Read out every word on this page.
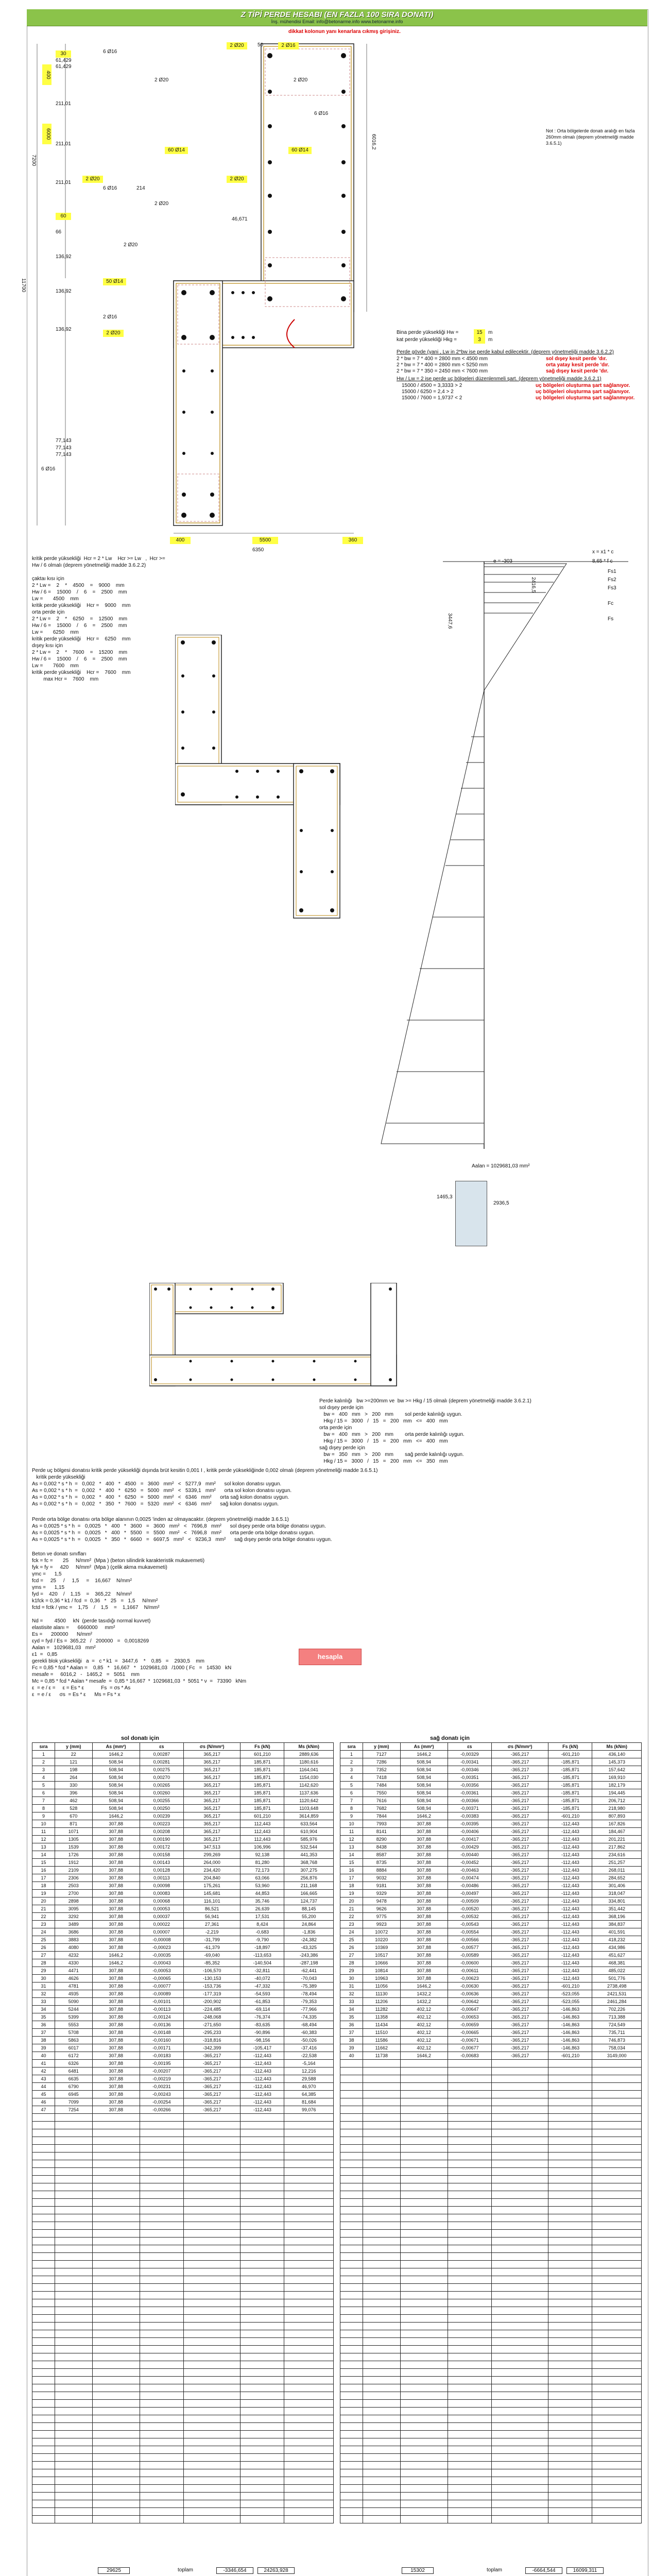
Z TİPİ PERDE HESABI (EN FAZLA 100 SIRA DONATI)
İnş. mühendisi Email: info@betonarme.info www.betonarme.info
dikkat kolonun yanı kenarlara cıkmış girişiniz.
30
61,429
61,429
211,01
211,01
211,01
60
66
136,92
136,92
136,92
77,143
77,143
77,143
400
7200
6000
11700
6016,2
2 Ø20	50	2 Ø16
6 Ø16
2 Ø20	2 Ø20
2 Ø20
60 Ø14	60 Ø14
6 Ø16
2 Ø20	2 Ø20
214
6 Ø16
46,671
2 Ø20
50 Ø14
2 Ø16
2 Ø20
6 Ø16
400	5500	360
6350
Not : Orta bölgelerde donatı aralığı en fazla 260mm olmalı (deprem yönetmeliği madde 3.6.5.1)
Bina perde yüksekliği Hw =	15	m
kat perde yüksekliği Hkg =	3	m
Perde gövde (yani , Lw in 2*bw ise perde kabul edilecektir. (deprem yönetmeliği madde 3.6.2.2)
2 * bw = 7 * 400 = 2800 mm < 4500 mm	sol dışey kesit perde 'dır.
2 * bw = 7 * 400 = 2800 mm < 5250 mm	orta yatay kesit perde 'dır.
2 * bw = 7 * 350 = 2450 mm < 7600 mm	sağ dışey kesit perde 'dır.
Hw / Lw = 2 ise perde uç bölgeleri düzenlenmeli şart. (deprem yönetmeliği madde 3.6.2.1)
15000 / 4500 = 3,3333 > 2	uç bölgeleri oluşturma şart sağlanıyor.
15000 / 6250 = 2,4 > 2	uç bölgeleri oluşturma şart sağlanıyor.
15000 / 7600 = 1,9737 < 2	uç bölgeleri oluşturma şart sağlanmıyor.
kritik perde yüksekliği  Hcr = 2 * Lw    Hcr >= Lw   ,  Hcr >=
Hw / 6 olmalı (deprem yönetmeliği madde 3.6.2.2)

çaktaı kısı için
2 * Lw =    2    *    4500    =    9000    mm
Hw / 6 =    15000    /    6    =    2500    mm
Lw =       4500    mm
kritik perde yüksekliği    Hcr =    9000    mm
orta perde için
2 * Lw =    2    *    6250    =    12500    mm
Hw / 6 =    15000    /    6    =    2500    mm
Lw =       6250    mm
kritik perde yüksekliği    Hcr =    6250    mm
dışey kısı için
2 * Lw =    2    *    7600    =    15200    mm
Hw / 6 =    15000    /    6    =    2500    mm
Lw =       7600    mm
kritik perde yüksekliği    Hcr =    7600    mm
max Hcr =    7600    mm
e = -303
x = x1 * c
8,65 * f c
3447,6
2416,5
Fs1
Fs2
Fs3
Fc
Fs
Aalan = 1029681,03 mm²
1465,3
2936,5
Perde kalınlığı   bw >=200mm ve  bw >= Hkg / 15 olmalı (deprem yönetmeliği madde 3.6.2.1)
sol dışey perde için
bw =   400   mm   >   200   mm        sol perde kalınlığı uygun.
Hkg / 15 =   3000   /   15   =   200   mm   <=   400   mm
orta perde için
bw =   400   mm   >   200   mm        orta perde kalınlığı uygun.
Hkg / 15 =   3000   /   15   =   200   mm   <=   400   mm
sağ dışey perde için
bw =   350   mm   >   200   mm        sağ perde kalınlığı uygun.
Hkg / 15 =   3000   /   15   =   200   mm   <=   350   mm
Perde uç bölgesi donatısı kritik perde yüksekliği dışında brüt kesitin 0,001 I , kritik perde yüksekliğinde 0,002 olmalı (deprem yönetmeliği madde 3.6.5.1)
kritik perde yüksekliği
As = 0,002 * s * h  =   0,002   *   400   *   4500   =   3600   mm²   <   5277,9   mm²      sol kolon donatısı uygun.
As = 0,002 * s * h  =   0,002   *   400   *   6250   =   5000   mm²   <   5339,1   mm²      orta sol kolon donatısı uygun.
As = 0,002 * s * h  =   0,002   *   400   *   6250   =   5000   mm²   <   6346   mm²      orta sağ kolon donatısı uygun.
As = 0,002 * s * h  =   0,002   *   350   *   7600   =   5320   mm²   <   6346   mm²      sağ kolon donatısı uygun.
Perde orta bölge donatısı orta bölge alanının 0,0025 'inden az olmayacaktır. (deprem yönetmeliği madde 3.6.5.1)
As = 0,0025 * s * h  =   0,0025   *   400   *   3600   =   3600   mm²   <   7696,8   mm²      sol dışey perde orta bölge donatısı uygun.
As = 0,0025 * s * h  =   0,0025   *   400   *   5500   =   5500   mm²   <   7696,8   mm²      orta perde orta bölge donatısı uygun.
As = 0,0025 * s * h  =   0,0025   *   350   *   6660   =   6697,5   mm²   <   9236,3   mm²      sağ dışey perde orta bölge donatısı uygun.
Beton ve donatı sınıfları
fck = fc =       25     N/mm²  (Mpa ) (beton silindirik karakteristik mukavemeti)
fyk = fy =     420     N/mm²  (Mpa ) (çelik akma mukavemeti)
γmc =      1,5
fcd =     25     /     1,5     =    16,667    N/mm²
γms =      1,15
fyd =    420    /    1,15    =    365,22    N/mm²
k1fck = 0,36 * k1 / fcd  =  0,36   *   25   =   1,5     N/mm²
fctd = fctk / γmc =    1,75    /    1,5    =    1,1667    N/mm²

Nd =        4500     kN  (perde tasıdığı normal kuvvet)
elastisite alanı =      6660000     mm²
Es =      200000      N/mm²
εyd = fyd / Es =  365,22   /   200000   =   0,0018269
Aalan =   1029681,03   mm²
ε1  =   0,85
gerekli blok yüksekliği   a  =   c * k1  =   3447,6    *    0,85   =    2930,5    mm
Fc = 0,85 * fcd * Aalan =    0,85   *   16,667   *   1029681,03   /1000 ( Fc   =   14530   kN
mesafe =     6016,2   -   1465,2   =   5051    mm
Mc = 0,85 * fcd * Aalan * mesafe  =  0,85 * 16,667  *  1029681,03  *  5051 * ν  =   73390   kNm
ε  = e / ε =     ε = Es * ε            Fs  = σs * As
ε  = e / ε      σs  = Es * ε      Ms = Fs * x
hesapla
sol donatı için
sıra	y (mm)	As (mm²)	εs	σs (N/mm²)	Fs (kN)	Ms (kNm)
1	22	1646,2	0,00287	365,217	601,210	2889,636
2	121	508,94	0,00281	365,217	185,871	1180,616
3	198	508,94	0,00275	365,217	185,871	1164,041
4	264	508,94	0,00270	365,217	185,871	1154,030
5	330	508,94	0,00265	365,217	185,871	1142,620
6	396	508,94	0,00260	365,217	185,871	1137,636
7	462	508,94	0,00255	365,217	185,871	1120,642
8	528	508,94	0,00250	365,217	185,871	1103,648
9	670	1646,2	0,00239	365,217	601,210	3614,859
10	871	307,88	0,00223	365,217	112,443	633,564
11	1071	307,88	0,00208	365,217	112,443	610,904
12	1305	307,88	0,00190	365,217	112,443	585,976
13	1539	307,88	0,00172	347,513	106,996	532,544
14	1726	307,88	0,00158	299,269	92,138	441,353
15	1912	307,88	0,00143	264,000	81,280	368,768
16	2109	307,88	0,00128	234,420	72,173	307,275
17	2306	307,88	0,00113	204,840	63,066	256,876
18	2503	307,88	0,00098	175,261	53,960	211,168
19	2700	307,88	0,00083	145,681	44,853	166,665
20	2898	307,88	0,00068	116,101	35,746	124,737
21	3095	307,88	0,00053	86,521	26,639	88,145
22	3292	307,88	0,00037	56,941	17,531	55,200
23	3489	307,88	0,00022	27,361	8,424	24,864
24	3686	307,88	0,00007	-2,219	-0,683	-1,836
25	3883	307,88	-0,00008	-31,799	-9,790	-24,382
26	4080	307,88	-0,00023	-61,379	-18,897	-43,325
27	4232	1646,2	-0,00035	-69,040	-113,653	-243,386
28	4330	1646,2	-0,00043	-85,352	-140,504	-287,198
29	4471	307,88	-0,00053	-106,570	-32,811	-62,441
30	4626	307,88	-0,00065	-130,153	-40,072	-70,043
31	4781	307,88	-0,00077	-153,736	-47,332	-75,389
32	4935	307,88	-0,00089	-177,319	-54,593	-78,494
33	5090	307,88	-0,00101	-200,902	-61,853	-79,353
34	5244	307,88	-0,00113	-224,485	-69,114	-77,966
35	5399	307,88	-0,00124	-248,068	-76,374	-74,335
36	5553	307,88	-0,00136	-271,650	-83,635	-68,494
37	5708	307,88	-0,00148	-295,233	-90,896	-60,383
38	5863	307,88	-0,00160	-318,816	-98,156	-50,026
39	6017	307,88	-0,00171	-342,399	-105,417	-37,416
40	6172	307,88	-0,00183	-365,217	-112,443	-22,538
41	6326	307,88	-0,00195	-365,217	-112,443	-5,164
42	6481	307,88	-0,00207	-365,217	-112,443	12,216
43	6635	307,88	-0,00219	-365,217	-112,443	29,588
44	6790	307,88	-0,00231	-365,217	-112,443	46,970
45	6945	307,88	-0,00243	-365,217	-112,443	64,385
46	7099	307,88	-0,00254	-365,217	-112,443	81,684
47	7254	307,88	-0,00266	-365,217	-112,443	99,076

sağ donatı için
sıra	y (mm)	As (mm²)	εs	σs (N/mm²)	Fs (kN)	Ms (kNm)
1	7127	1646,2	-0,00329	-365,217	-601,210	436,140
2	7286	508,94	-0,00341	-365,217	-185,871	145,373
3	7352	508,94	-0,00346	-365,217	-185,871	157,642
4	7418	508,94	-0,00351	-365,217	-185,871	169,910
5	7484	508,94	-0,00356	-365,217	-185,871	182,179
6	7550	508,94	-0,00361	-365,217	-185,871	194,445
7	7616	508,94	-0,00366	-365,217	-185,871	206,712
8	7682	508,94	-0,00371	-365,217	-185,871	218,980
9	7844	1646,2	-0,00383	-365,217	-601,210	807,893
10	7993	307,88	-0,00395	-365,217	-112,443	167,826
11	8141	307,88	-0,00406	-365,217	-112,443	184,467
12	8290	307,88	-0,00417	-365,217	-112,443	201,221
13	8438	307,88	-0,00429	-365,217	-112,443	217,862
14	8587	307,88	-0,00440	-365,217	-112,443	234,616
15	8735	307,88	-0,00452	-365,217	-112,443	251,257
16	8884	307,88	-0,00463	-365,217	-112,443	268,011
17	9032	307,88	-0,00474	-365,217	-112,443	284,652
18	9181	307,88	-0,00486	-365,217	-112,443	301,406
19	9329	307,88	-0,00497	-365,217	-112,443	318,047
20	9478	307,88	-0,00509	-365,217	-112,443	334,801
21	9626	307,88	-0,00520	-365,217	-112,443	351,442
22	9775	307,88	-0,00532	-365,217	-112,443	368,196
23	9923	307,88	-0,00543	-365,217	-112,443	384,837
24	10072	307,88	-0,00554	-365,217	-112,443	401,591
25	10220	307,88	-0,00566	-365,217	-112,443	418,232
26	10369	307,88	-0,00577	-365,217	-112,443	434,986
27	10517	307,88	-0,00589	-365,217	-112,443	451,627
28	10666	307,88	-0,00600	-365,217	-112,443	468,381
29	10814	307,88	-0,00611	-365,217	-112,443	485,022
30	10963	307,88	-0,00623	-365,217	-112,443	501,776
31	11056	1646,2	-0,00630	-365,217	-601,210	2738,498
32	11130	1432,2	-0,00636	-365,217	-523,055	2421,531
33	11206	1432,2	-0,00642	-365,217	-523,055	2461,284
34	11282	402,12	-0,00647	-365,217	-146,863	702,226
35	11358	402,12	-0,00653	-365,217	-146,863	713,388
36	11434	402,12	-0,00659	-365,217	-146,863	724,549
37	11510	402,12	-0,00665	-365,217	-146,863	735,711
38	11586	402,12	-0,00671	-365,217	-146,863	746,873
39	11662	402,12	-0,00677	-365,217	-146,863	758,034
40	11738	1646,2	-0,00683	-365,217	-601,210	3149,000

29625	toplam	-3346,654	24263,928	15302	toplam	-6664,544	16099,311
